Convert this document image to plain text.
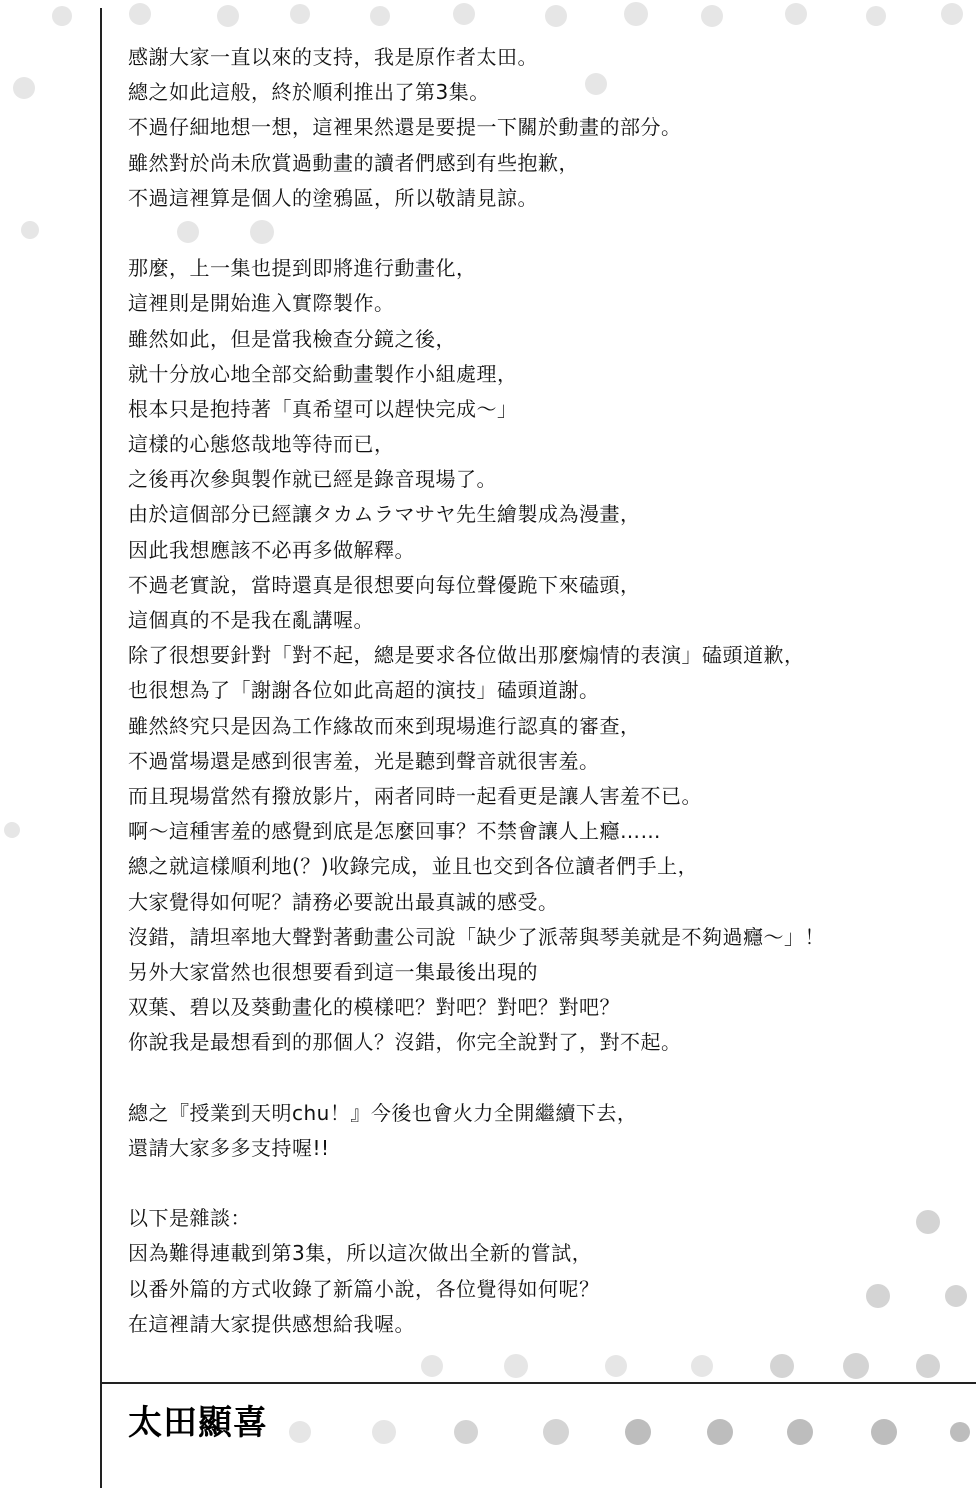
感謝大家一直以來的支持，我是原作者太田。
總之如此這般，終於順利推出了第3集。
不過仔細地想一想，這裡果然還是要提一下關於動畫的部分。
雖然對於尚未欣賞過動畫的讀者們感到有些抱歉，
不過這裡算是個人的塗鴉區，所以敬請見諒。
那麼，上一集也提到即將進行動畫化，
這裡則是開始進入實際製作。
雖然如此，但是當我檢查分鏡之後，
就十分放心地全部交給動畫製作小組處理，
根本只是抱持著「真希望可以趕快完成～」
這樣的心態悠哉地等待而已，
之後再次參與製作就已經是錄音現場了。
由於這個部分已經讓タカムラマサヤ先生繪製成為漫畫，
因此我想應該不必再多做解釋。
不過老實說，當時還真是很想要向每位聲優跪下來磕頭，
這個真的不是我在亂講喔。
除了很想要針對「對不起，總是要求各位做出那麼煽情的表演」磕頭道歉，
也很想為了「謝謝各位如此高超的演技」磕頭道謝。
雖然終究只是因為工作緣故而來到現場進行認真的審查，
不過當場還是感到很害羞，光是聽到聲音就很害羞。
而且現場當然有撥放影片，兩者同時一起看更是讓人害羞不已。
啊～這種害羞的感覺到底是怎麼回事？不禁會讓人上癮……
總之就這樣順利地(？)收錄完成，並且也交到各位讀者們手上，
大家覺得如何呢？請務必要說出最真誠的感受。
沒錯，請坦率地大聲對著動畫公司說「缺少了派蒂與琴美就是不夠過癮～」！
另外大家當然也很想要看到這一集最後出現的
双葉、碧以及葵動畫化的模樣吧？對吧？對吧？對吧？
你說我是最想看到的那個人？沒錯，你完全說對了，對不起。
總之『授業到天明chu！』今後也會火力全開繼續下去，
還請大家多多支持喔!!
以下是雜談：
因為難得連載到第3集，所以這次做出全新的嘗試，
以番外篇的方式收錄了新篇小說，各位覺得如何呢？
在這裡請大家提供感想給我喔。
太田顯喜
